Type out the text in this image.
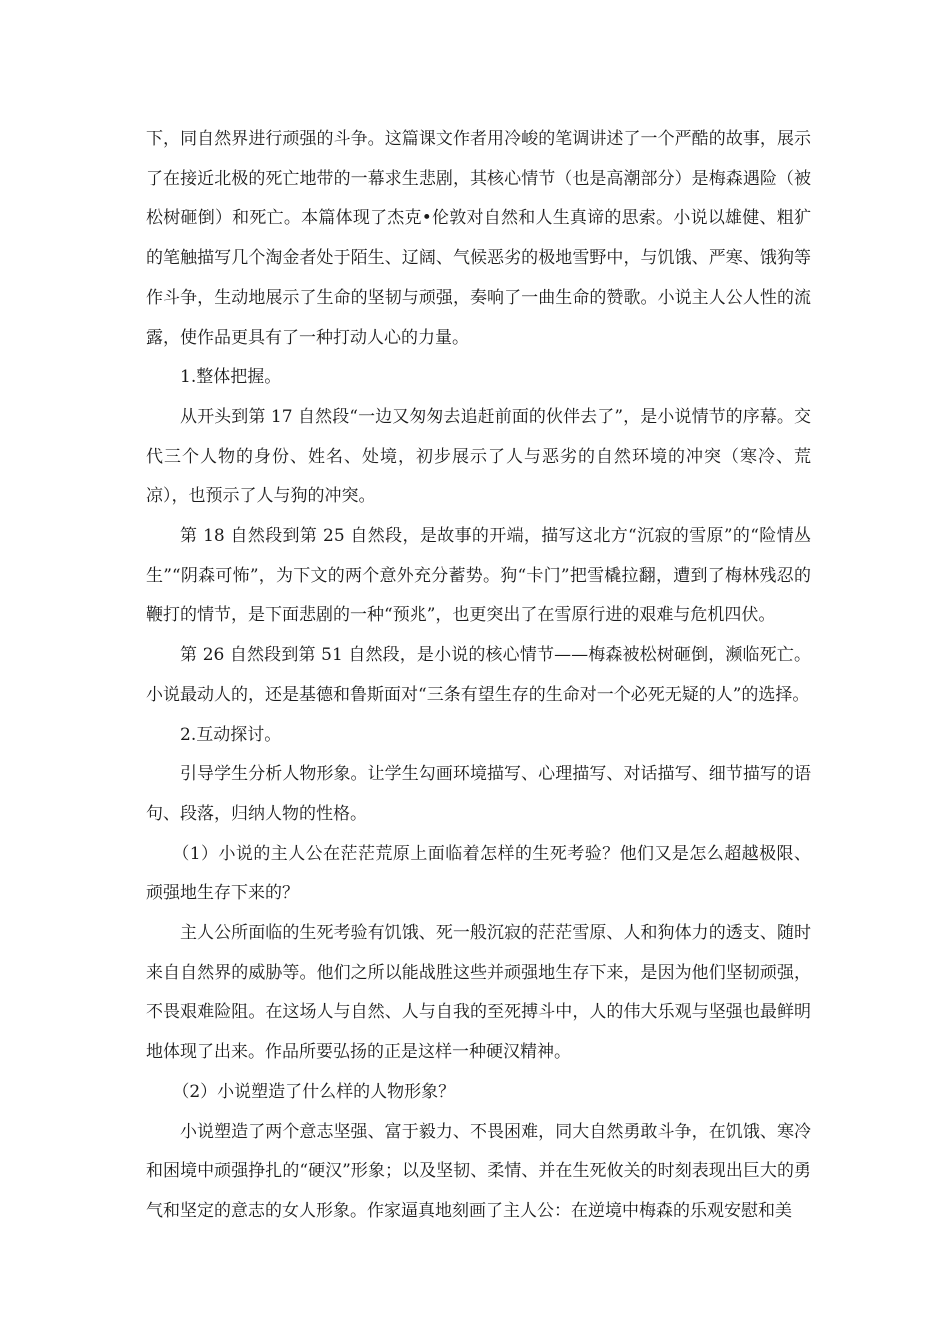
下，同自然界进行顽强的斗争。这篇课文作者用冷峻的笔调讲述了一个严酷的故事，展示了在接近北极的死亡地带的一幕求生悲剧，其核心情节（也是高潮部分）是梅森遇险（被松树砸倒）和死亡。本篇体现了杰克•伦敦对自然和人生真谛的思索。小说以雄健、粗犷的笔触描写几个淘金者处于陌生、辽阔、气候恶劣的极地雪野中，与饥饿、严寒、饿狗等作斗争，生动地展示了生命的坚韧与顽强，奏响了一曲生命的赞歌。小说主人公人性的流露，使作品更具有了一种打动人心的力量。

1.整体把握。

从开头到第 17 自然段“一边又匆匆去追赶前面的伙伴去了”，是小说情节的序幕。交代三个人物的身份、姓名、处境，初步展示了人与恶劣的自然环境的冲突（寒冷、荒凉），也预示了人与狗的冲突。

第 18 自然段到第 25 自然段，是故事的开端，描写这北方“沉寂的雪原”的“险情丛生”“阴森可怖”，为下文的两个意外充分蓄势。狗“卡门”把雪橇拉翻，遭到了梅林残忍的鞭打的情节，是下面悲剧的一种“预兆”，也更突出了在雪原行进的艰难与危机四伏。

第 26 自然段到第 51 自然段，是小说的核心情节——梅森被松树砸倒，濒临死亡。小说最动人的，还是基德和鲁斯面对“三条有望生存的生命对一个必死无疑的人”的选择。

2.互动探讨。

引导学生分析人物形象。让学生勾画环境描写、心理描写、对话描写、细节描写的语句、段落，归纳人物的性格。

（1）小说的主人公在茫茫荒原上面临着怎样的生死考验？他们又是怎么超越极限、顽强地生存下来的？

主人公所面临的生死考验有饥饿、死一般沉寂的茫茫雪原、人和狗体力的透支、随时来自自然界的威胁等。他们之所以能战胜这些并顽强地生存下来，是因为他们坚韧顽强，不畏艰难险阻。在这场人与自然、人与自我的至死搏斗中，人的伟大乐观与坚强也最鲜明地体现了出来。作品所要弘扬的正是这样一种硬汉精神。

（2）小说塑造了什么样的人物形象？

小说塑造了两个意志坚强、富于毅力、不畏困难，同大自然勇敢斗争，在饥饿、寒冷和困境中顽强挣扎的“硬汉”形象；以及坚韧、柔情、并在生死攸关的时刻表现出巨大的勇气和坚定的意志的女人形象。作家逼真地刻画了主人公：在逆境中梅森的乐观安慰和美
